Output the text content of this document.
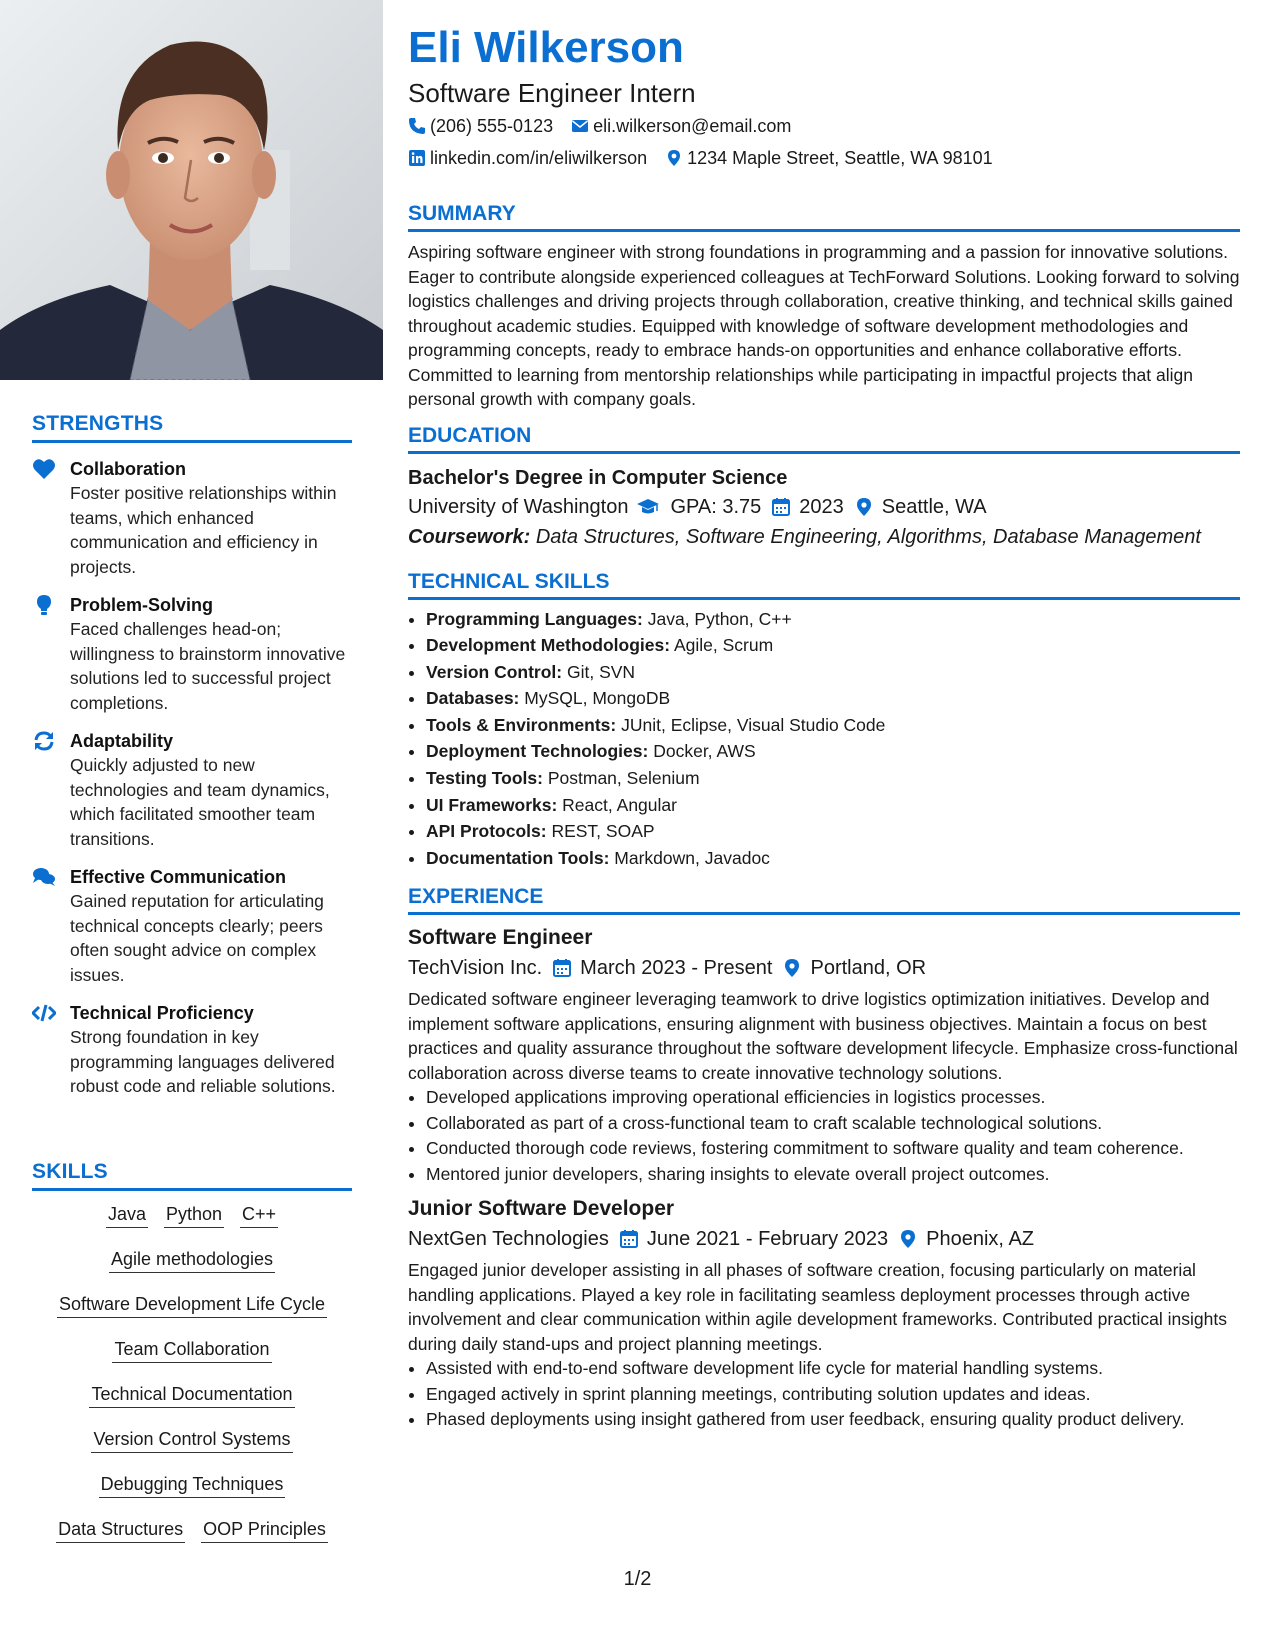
STRENGTHS
Collaboration
Foster positive relationships within teams, which enhanced communication and efficiency in projects.
Problem-Solving
Faced challenges head-on; willingness to brainstorm innovative solutions led to successful project completions.
Adaptability
Quickly adjusted to new technologies and team dynamics, which facilitated smoother team transitions.
Effective Communication
Gained reputation for articulating technical concepts clearly; peers often sought advice on complex issues.
Technical Proficiency
Strong foundation in key programming languages delivered robust code and reliable solutions.
SKILLS
Java Python C++
Agile methodologies
Software Development Life Cycle
Team Collaboration
Technical Documentation
Version Control Systems
Debugging Techniques
Data Structures OOP Principles
Eli Wilkerson
Software Engineer Intern
(206) 555-0123 eli.wilkerson@email.com
linkedin.com/in/eliwilkerson 1234 Maple Street, Seattle, WA 98101
SUMMARY

Aspiring software engineer with strong foundations in programming and a passion for innovative solutions. Eager to contribute alongside experienced colleagues at TechForward Solutions. Looking forward to solving logistics challenges and driving projects through collaboration, creative thinking, and technical skills gained throughout academic studies. Equipped with knowledge of software development methodologies and programming concepts, ready to embrace hands-on opportunities and enhance collaborative efforts. Committed to learning from mentorship relationships while participating in impactful projects that align personal growth with company goals.

EDUCATION
Bachelor's Degree in Computer Science
University of Washington GPA: 3.75 2023 Seattle, WA
Coursework: Data Structures, Software Engineering, Algorithms, Database Management
TECHNICAL SKILLS
• Programming Languages: Java, Python, C++
• Development Methodologies: Agile, Scrum
• Version Control: Git, SVN
• Databases: MySQL, MongoDB
• Tools & Environments: JUnit, Eclipse, Visual Studio Code
• Deployment Technologies: Docker, AWS
• Testing Tools: Postman, Selenium
• UI Frameworks: React, Angular
• API Protocols: REST, SOAP
• Documentation Tools: Markdown, Javadoc
EXPERIENCE
Software Engineer
TechVision Inc. March 2023 - Present Portland, OR

Dedicated software engineer leveraging teamwork to drive logistics optimization initiatives. Develop and implement software applications, ensuring alignment with business objectives. Maintain a focus on best practices and quality assurance throughout the software development lifecycle. Emphasize cross-functional collaboration across diverse teams to create innovative technology solutions.

• Developed applications improving operational efficiencies in logistics processes.
• Collaborated as part of a cross-functional team to craft scalable technological solutions.
• Conducted thorough code reviews, fostering commitment to software quality and team coherence.
• Mentored junior developers, sharing insights to elevate overall project outcomes.
Junior Software Developer
NextGen Technologies June 2021 - February 2023 Phoenix, AZ

Engaged junior developer assisting in all phases of software creation, focusing particularly on material handling applications. Played a key role in facilitating seamless deployment processes through active involvement and clear communication within agile development frameworks. Contributed practical insights during daily stand-ups and project planning meetings.

• Assisted with end-to-end software development life cycle for material handling systems.
• Engaged actively in sprint planning meetings, contributing solution updates and ideas.
• Phased deployments using insight gathered from user feedback, ensuring quality product delivery.
1/2
